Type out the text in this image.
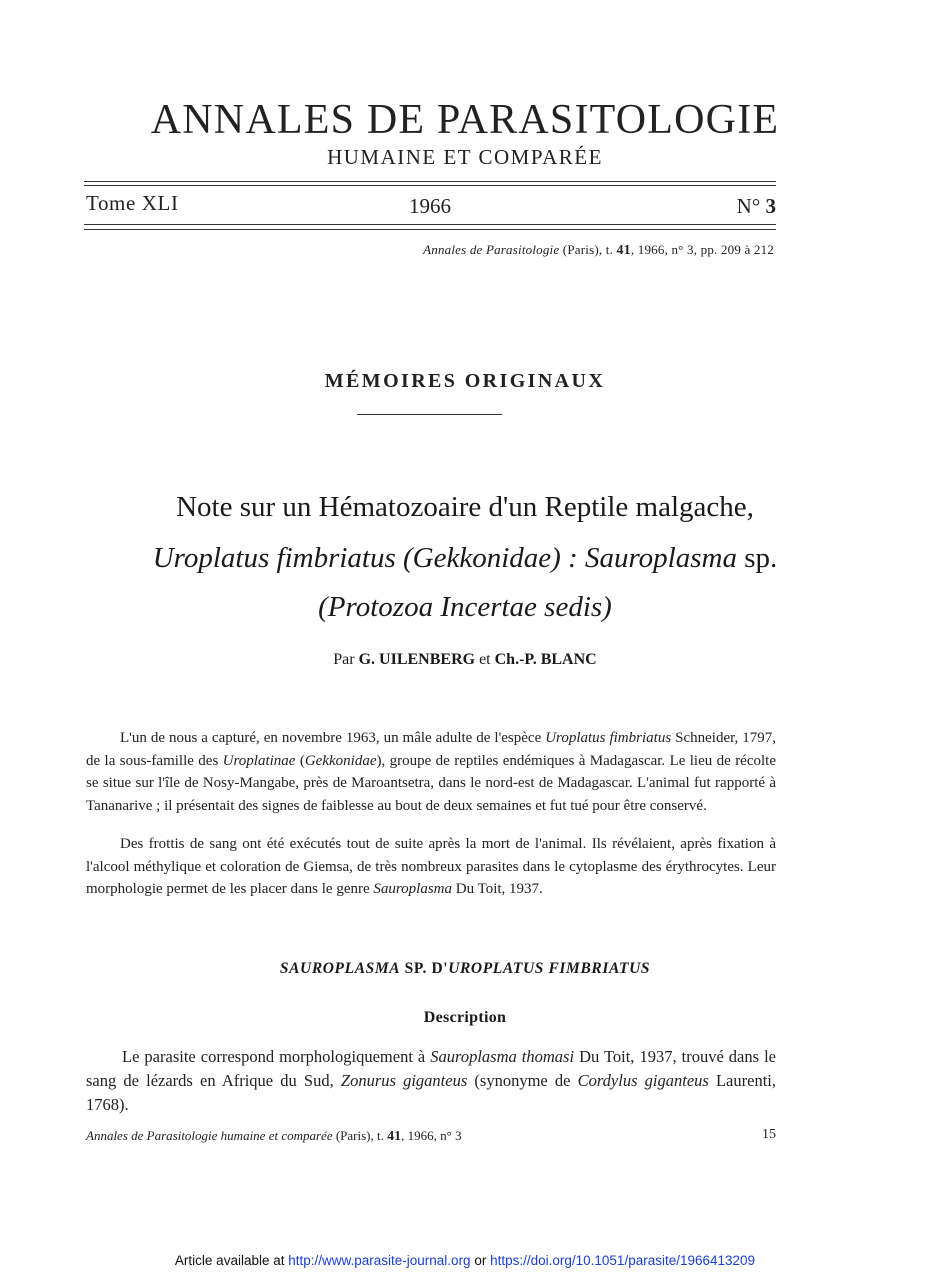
ANNALES DE PARASITOLOGIE
HUMAINE ET COMPARÉE
Tome XLI	1966	N° 3
Annales de Parasitologie (Paris), t. 41, 1966, n° 3, pp. 209 à 212
MÉMOIRES ORIGINAUX
Note sur un Hématozoaire d'un Reptile malgache,
Uroplatus fimbriatus (Gekkonidae) : Sauroplasma sp.
(Protozoa Incertae sedis)
Par G. UILENBERG et Ch.-P. BLANC

L'un de nous a capturé, en novembre 1963, un mâle adulte de l'espèce Uroplatus fimbriatus Schneider, 1797, de la sous-famille des Uroplatinae (Gekkonidae), groupe de reptiles endémiques à Madagascar. Le lieu de récolte se situe sur l'île de Nosy-Mangabe, près de Maroantsetra, dans le nord-est de Madagascar. L'animal fut rapporté à Tananarive ; il présentait des signes de faiblesse au bout de deux semaines et fut tué pour être conservé.

Des frottis de sang ont été exécutés tout de suite après la mort de l'animal. Ils révélaient, après fixation à l'alcool méthylique et coloration de Giemsa, de très nombreux parasites dans le cytoplasme des érythrocytes. Leur morphologie permet de les placer dans le genre Sauroplasma Du Toit, 1937.

SAUROPLASMA SP. D'UROPLATUS FIMBRIATUS
Description

Le parasite correspond morphologiquement à Sauroplasma thomasi Du Toit, 1937, trouvé dans le sang de lézards en Afrique du Sud, Zonurus giganteus (synonyme de Cordylus giganteus Laurenti, 1768).

Annales de Parasitologie humaine et comparée (Paris), t. 41, 1966, n° 3	15
Article available at http://www.parasite-journal.org or https://doi.org/10.1051/parasite/1966413209
